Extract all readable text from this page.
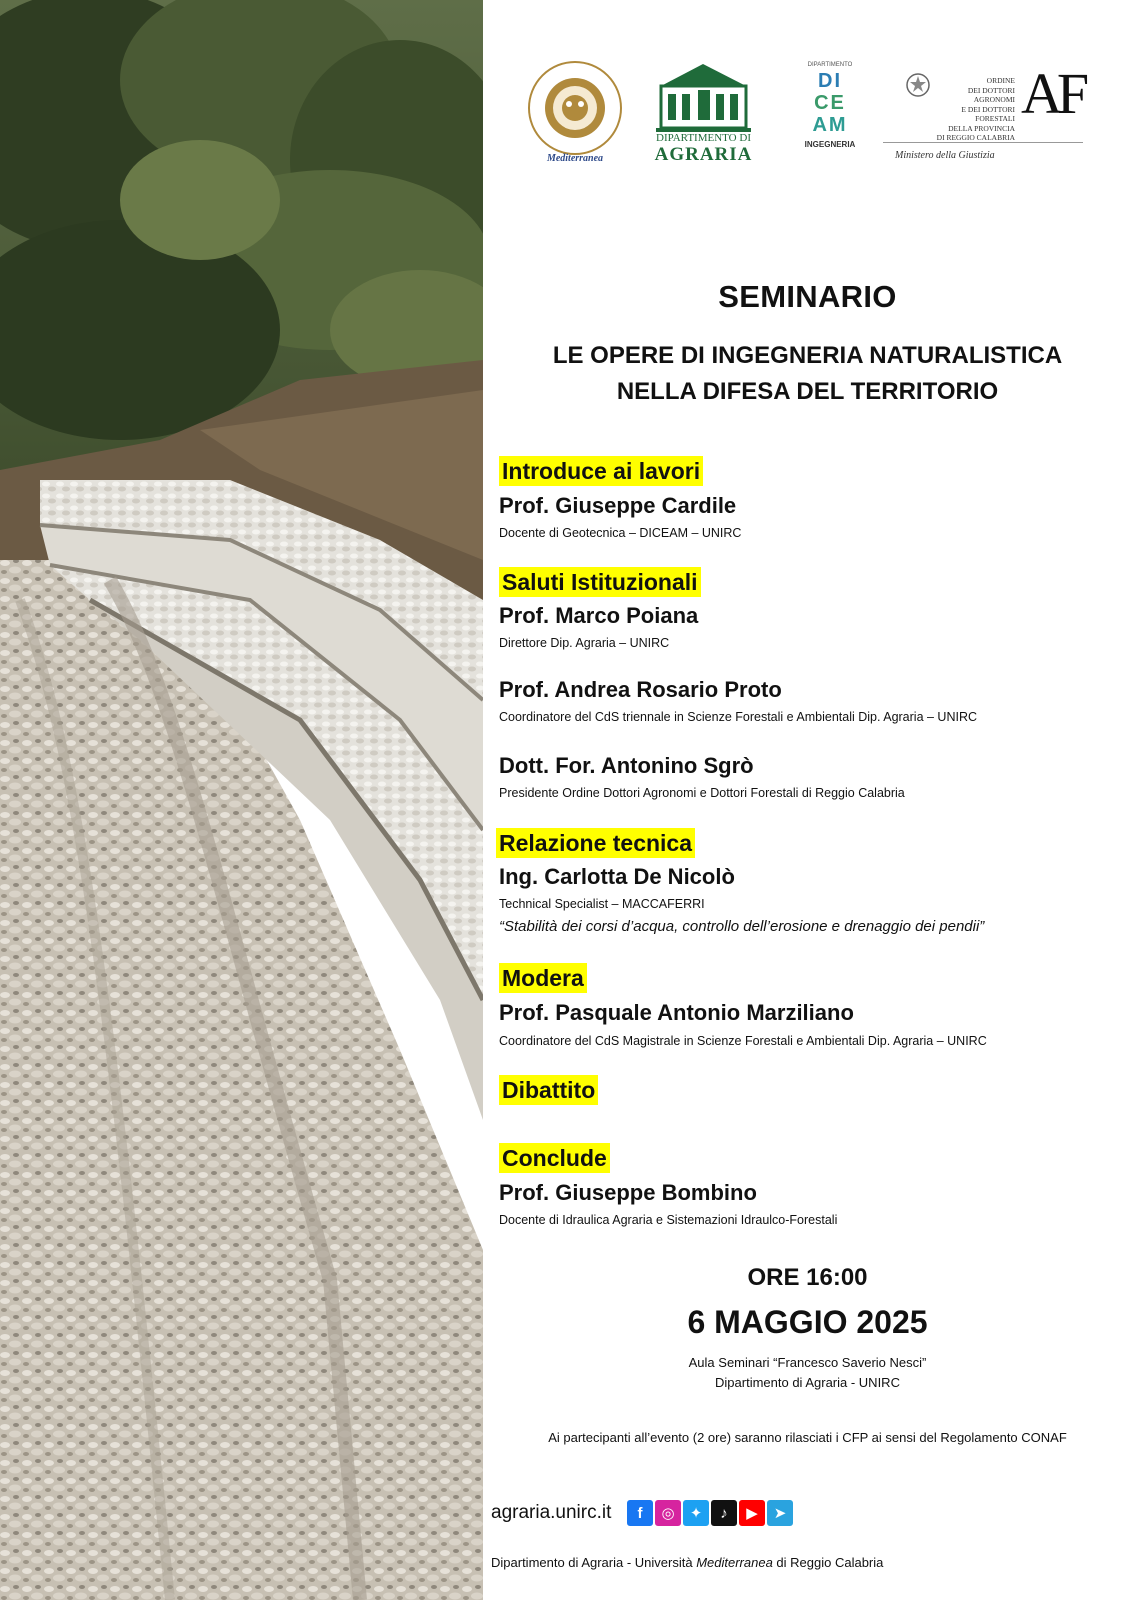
Mediterranea
DIPARTIMENTO DI
AGRARIA
DIPARTIMENTO
DI
CE
AM
INGEGNERIA
ORDINE
DEI DOTTORI AGRONOMI
E DEI DOTTORI FORESTALI
DELLA PROVINCIA
DI REGGIO CALABRIA
AF
Ministero della Giustizia
SEMINARIO
LE OPERE DI INGEGNERIA NATURALISTICA
NELLA DIFESA DEL TERRITORIO
Introduce ai lavori
Prof. Giuseppe Cardile
Docente di Geotecnica – DICEAM – UNIRC
Saluti Istituzionali
Prof. Marco Poiana
Direttore Dip. Agraria – UNIRC
Prof. Andrea Rosario Proto
Coordinatore del CdS triennale in Scienze Forestali e Ambientali Dip. Agraria – UNIRC
Dott. For. Antonino Sgrò
Presidente Ordine Dottori Agronomi e Dottori Forestali di Reggio Calabria
Relazione tecnica
Ing. Carlotta De Nicolò
Technical Specialist – MACCAFERRI
“Stabilità dei corsi d’acqua, controllo dell’erosione e drenaggio dei pendii”
Modera
Prof. Pasquale Antonio Marziliano
Coordinatore del CdS Magistrale in Scienze Forestali e Ambientali Dip. Agraria – UNIRC
Dibattito
Conclude
Prof. Giuseppe Bombino
Docente di Idraulica Agraria e Sistemazioni Idraulco-Forestali
ORE 16:00
6 MAGGIO 2025
Aula Seminari “Francesco Saverio Nesci”
Dipartimento di Agraria - UNIRC
Ai partecipanti all’evento (2 ore) saranno rilasciati i CFP ai sensi del Regolamento CONAF
agraria.unirc.it	f	◎	✦	♪	▶	➤
Dipartimento di Agraria - Università Mediterranea di Reggio Calabria
